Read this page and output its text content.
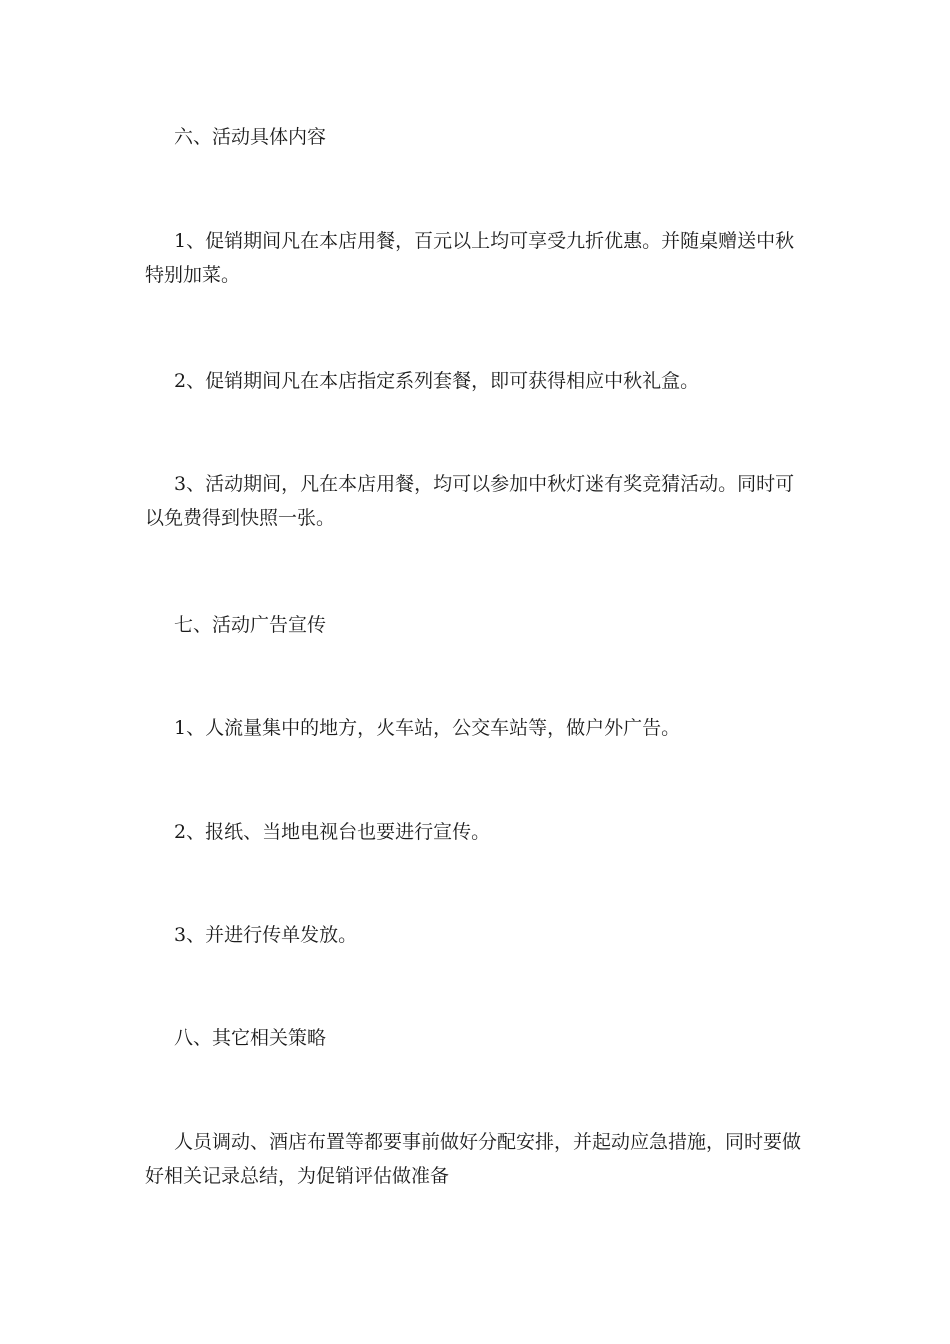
六、活动具体内容

1、促销期间凡在本店用餐，百元以上均可享受九折优惠。并随桌赠送中秋特别加菜。

2、促销期间凡在本店指定系列套餐，即可获得相应中秋礼盒。

3、活动期间，凡在本店用餐，均可以参加中秋灯迷有奖竞猜活动。同时可以免费得到快照一张。

七、活动广告宣传

1、人流量集中的地方，火车站，公交车站等，做户外广告。

2、报纸、当地电视台也要进行宣传。

3、并进行传单发放。

八、其它相关策略

人员调动、酒店布置等都要事前做好分配安排，并起动应急措施，同时要做好相关记录总结，为促销评估做准备
